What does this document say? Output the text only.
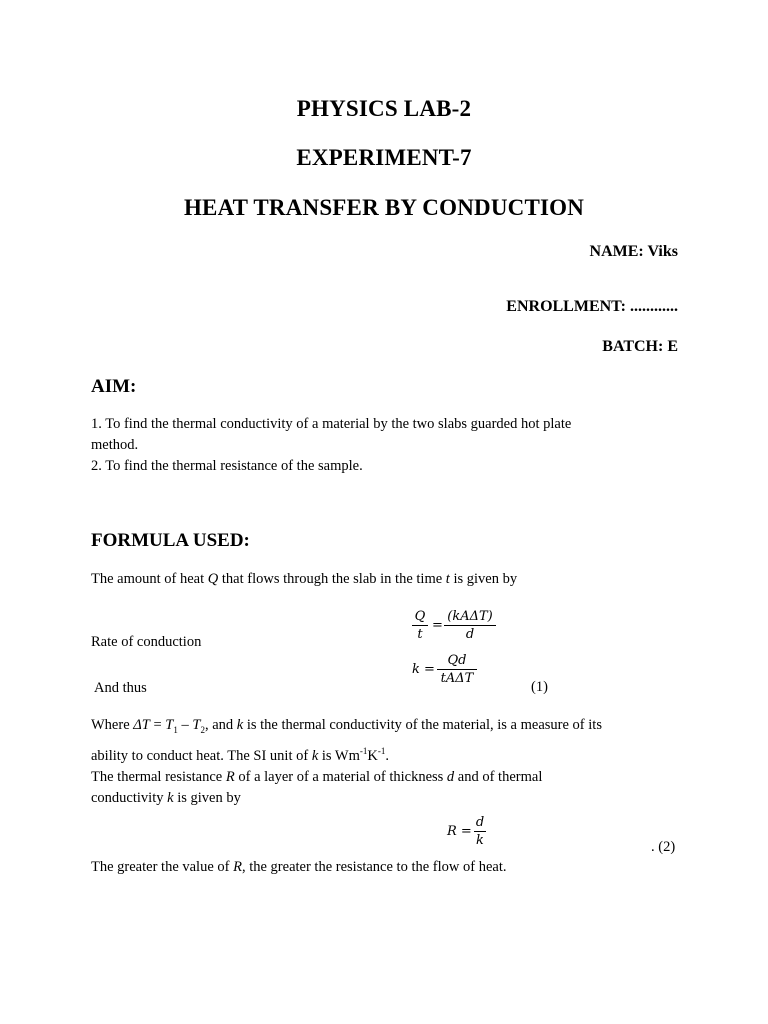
PHYSICS LAB-2
EXPERIMENT-7
HEAT TRANSFER BY CONDUCTION
NAME: Viks
ENROLLMENT: ............
BATCH: E
AIM:
1. To find the thermal conductivity of a material by the two slabs guarded hot plate
method.
2. To find the thermal resistance of the sample.
FORMULA USED:
The amount of heat Q that flows through the slab in the time t is given by
Rate of conduction
Q
t
=
(kAΔT)
d
And thus
k =
Qd
tAΔT
(1)
Where $\Delta T = T_1 - T_2$, and k is the thermal conductivity of the material, is a measure of its
ability to conduct heat. The SI unit of k is $Wm^{-1}K^{-1}$.
The thermal resistance R of a layer of a material of thickness d and of thermal
conductivity k is given by
R =
d
k	. (2)
The greater the value of R, the greater the resistance to the flow of heat.
